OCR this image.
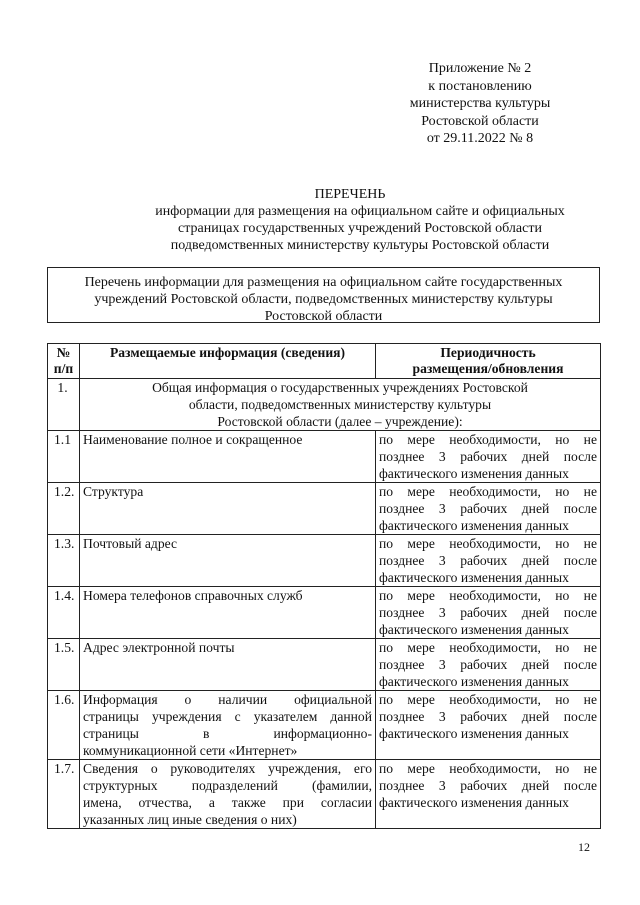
Приложение № 2
к постановлению
министерства культуры
Ростовской области
от 29.11.2022 № 8
ПЕРЕЧЕНЬ
информации для размещения на официальном сайте и официальных
страницах государственных учреждений Ростовской области
подведомственных министерству культуры Ростовской области
Перечень информации для размещения на официальном сайте государственных
учреждений Ростовской области, подведомственных министерству культуры
Ростовской области
№
п/п	Размещаемые информация (сведения)	Периодичность
размещения/обновления

1.	Общая информация о государственных учреждениях Ростовской
области, подведомственных министерству культуры
Ростовской области (далее – учреждение):	

1.1	Наименование полное и сокращенное	по мере необходимости, но не
позднее 3 рабочих дней после
фактического изменения данных

1.2.	Структура	по мере необходимости, но не
позднее 3 рабочих дней после
фактического изменения данных

1.3.	Почтовый адрес	по мере необходимости, но не
позднее 3 рабочих дней после
фактического изменения данных

1.4.	Номера телефонов справочных служб	по мере необходимости, но не
позднее 3 рабочих дней после
фактического изменения данных

1.5.	Адрес электронной почты	по мере необходимости, но не
позднее 3 рабочих дней после
фактического изменения данных

1.6.	Информация о наличии официальной
страницы учреждения с указателем данной
страницы в информационно-
коммуникационной сети «Интернет»	по мере необходимости, но не
позднее 3 рабочих дней после
фактического изменения данных

1.7.	Сведения о руководителях учреждения, его
структурных подразделений (фамилии,
имена, отчества, а также при согласии
указанных лиц иные сведения о них)	по мере необходимости, но не
позднее 3 рабочих дней после
фактического изменения данных
12
